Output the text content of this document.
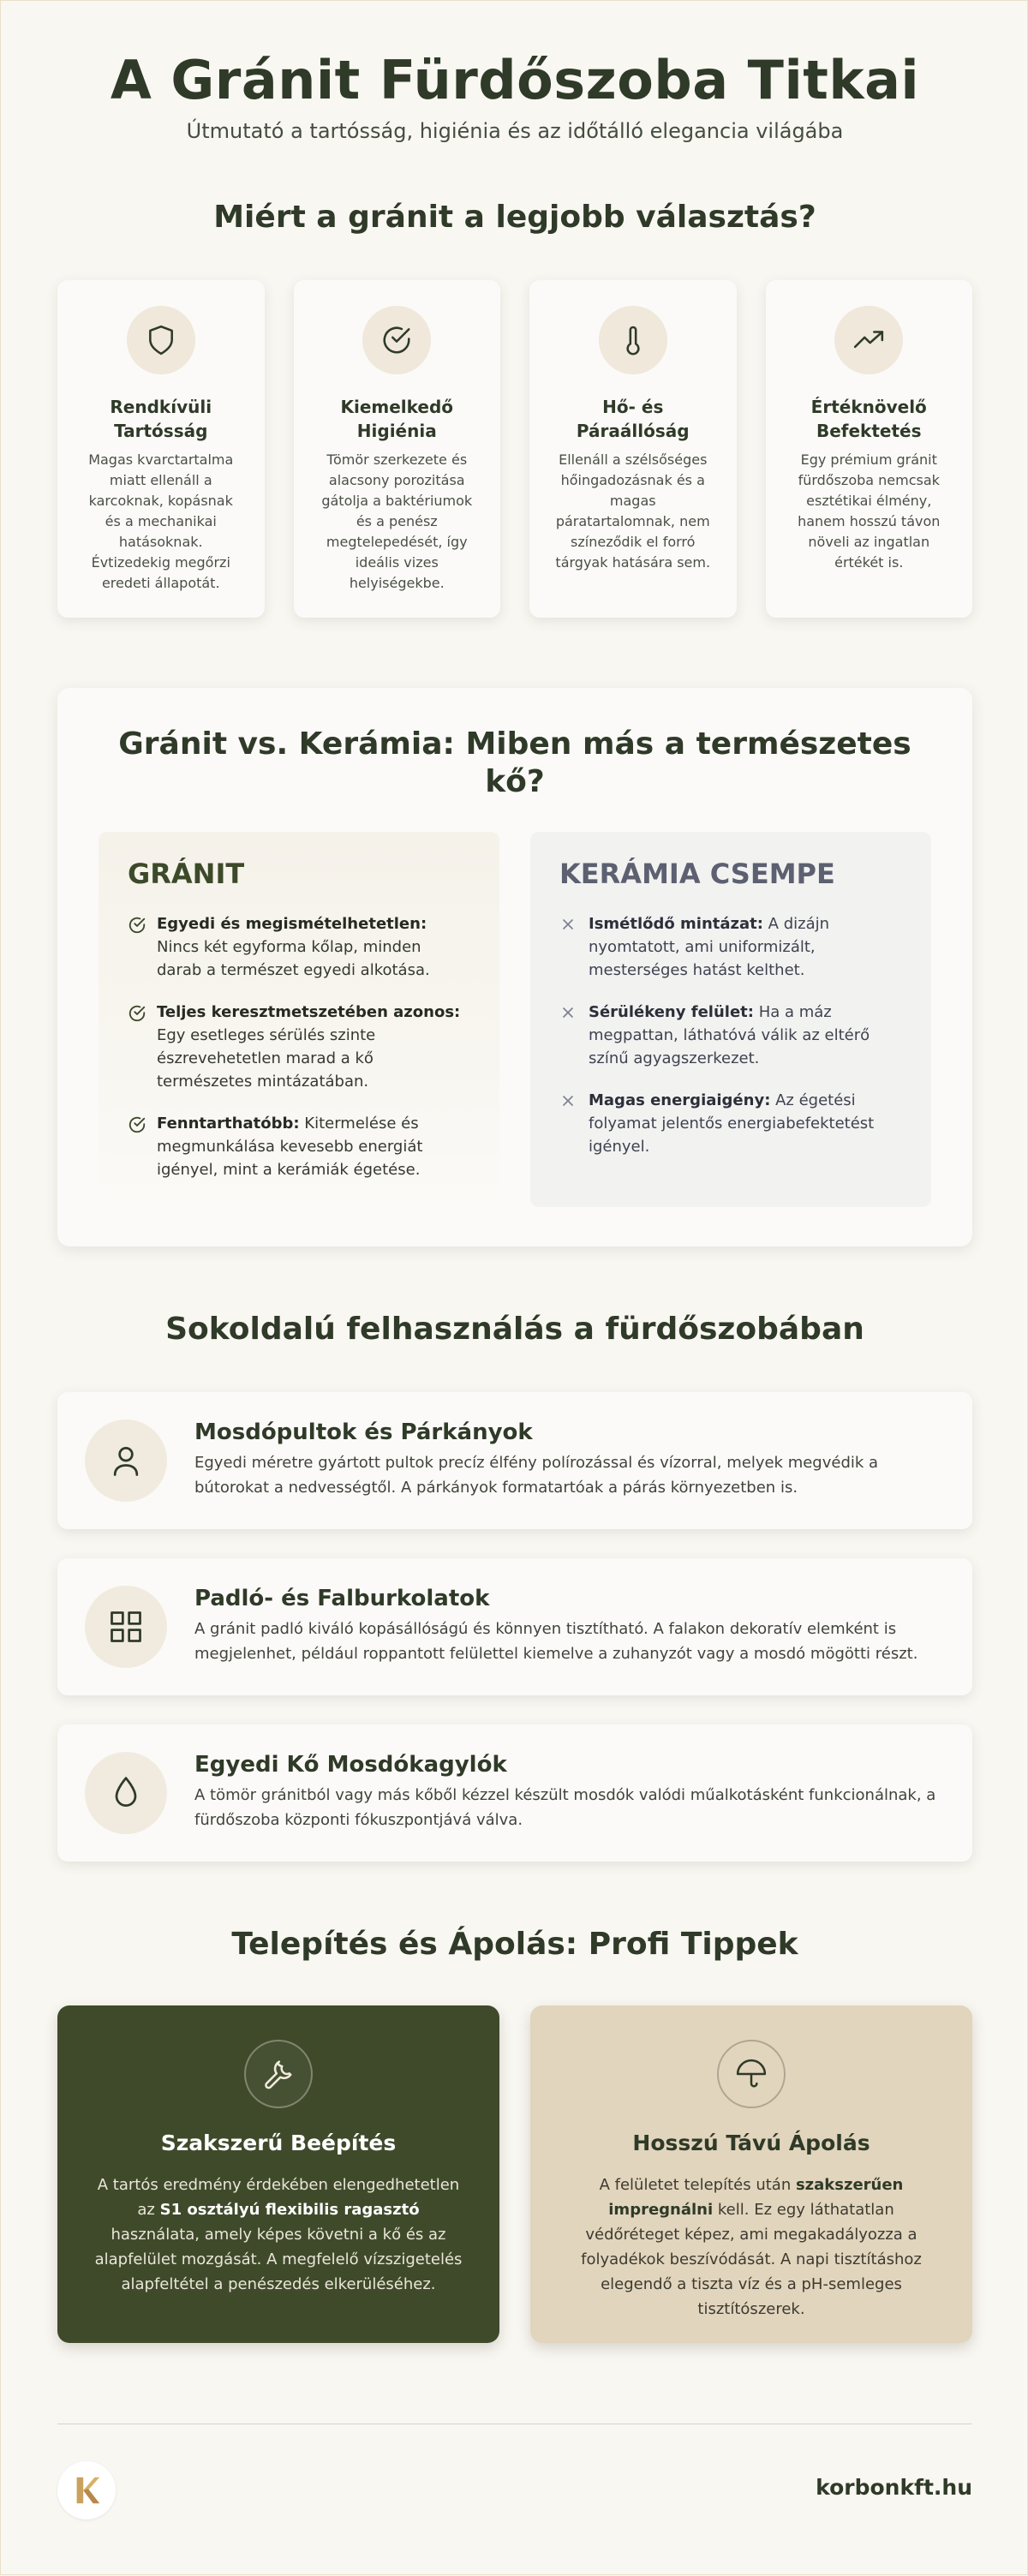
A Gránit Fürdőszoba Titkai
Útmutató a tartósság, higiénia és az időtálló elegancia világába
Miért a gránit a legjobb választás?
Rendkívüli Tartósság
Magas kvarctartalma miatt ellenáll a karcoknak, kopásnak és a mechanikai hatásoknak. Évtizedekig megőrzi eredeti állapotát.
Kiemelkedő Higiénia
Tömör szerkezete és alacsony porozitása gátolja a baktériumok és a penész megtelepedését, így ideális vizes helyiségekbe.
Hő- és Páraállóság
Ellenáll a szélsőséges hőingadozásnak és a magas páratartalomnak, nem színeződik el forró tárgyak hatására sem.
Értéknövelő Befektetés
Egy prémium gránit fürdőszoba nemcsak esztétikai élmény, hanem hosszú távon növeli az ingatlan értékét is.
Gránit vs. Kerámia: Miben más a természetes kő?
GRÁNIT
Egyedi és megismételhetetlen: Nincs két egyforma kőlap, minden darab a természet egyedi alkotása.
Teljes keresztmetszetében azonos: Egy esetleges sérülés szinte észrevehetetlen marad a kő természetes mintázatában.
Fenntarthatóbb: Kitermelése és megmunkálása kevesebb energiát igényel, mint a kerámiák égetése.
KERÁMIA CSEMPE
Ismétlődő mintázat: A dizájn nyomtatott, ami uniformizált, mesterséges hatást kelthet.
Sérülékeny felület: Ha a máz megpattan, láthatóvá válik az eltérő színű agyagszerkezet.
Magas energiaigény: Az égetési folyamat jelentős energiabefektetést igényel.
Sokoldalú felhasználás a fürdőszobában
Mosdópultok és Párkányok
Egyedi méretre gyártott pultok precíz élfény polírozással és vízorral, melyek megvédik a bútorokat a nedvességtől. A párkányok formatartóak a párás környezetben is.
Padló- és Falburkolatok
A gránit padló kiváló kopásállóságú és könnyen tisztítható. A falakon dekoratív elemként is megjelenhet, például roppantott felülettel kiemelve a zuhanyzót vagy a mosdó mögötti részt.
Egyedi Kő Mosdókagylók
A tömör gránitból vagy más kőből kézzel készült mosdók valódi műalkotásként funkcionálnak, a fürdőszoba központi fókuszpontjává válva.
Telepítés és Ápolás: Profi Tippek
Szakszerű Beépítés
A tartós eredmény érdekében elengedhetetlen az S1 osztályú flexibilis ragasztó használata, amely képes követni a kő és az alapfelület mozgását. A megfelelő vízszigetelés alapfeltétel a penészedés elkerüléséhez.
Hosszú Távú Ápolás
A felületet telepítés után szakszerűen impregnálni kell. Ez egy láthatatlan védőréteget képez, ami megakadályozza a folyadékok beszívódását. A napi tisztításhoz elegendő a tiszta víz és a pH-semleges tisztítószerek.
korbonkft.hu
